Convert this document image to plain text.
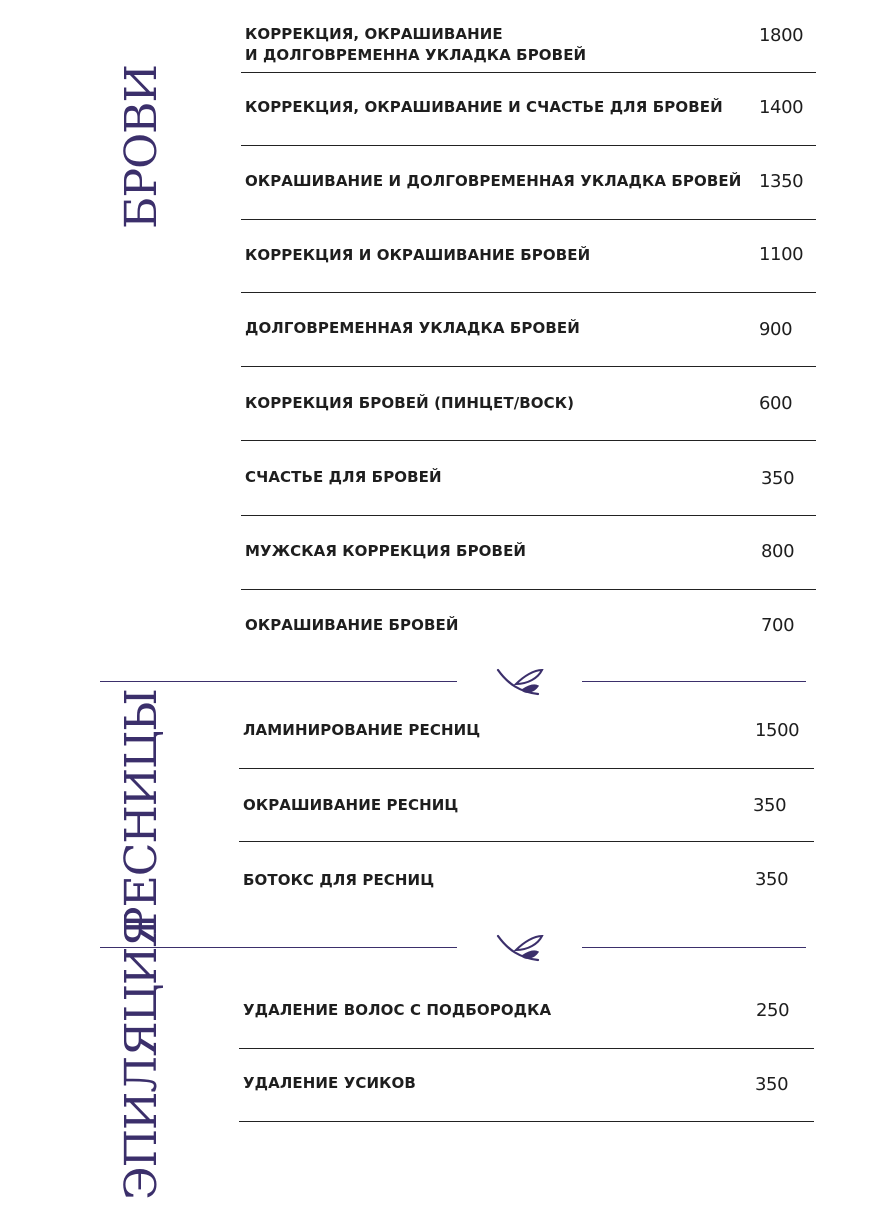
БРОВИ
КОРРЕКЦИЯ, ОКРАШИВАНИЕ
И ДОЛГОВРЕМЕННА УКЛАДКА БРОВЕЙ
1800
КОРРЕКЦИЯ, ОКРАШИВАНИЕ И СЧАСТЬЕ ДЛЯ БРОВЕЙ 1400
ОКРАШИВАНИЕ И ДОЛГОВРЕМЕННАЯ УКЛАДКА БРОВЕЙ 1350
КОРРЕКЦИЯ И ОКРАШИВАНИЕ БРОВЕЙ	1100
ДОЛГОВРЕМЕННАЯ УКЛАДКА БРОВЕЙ	900
КОРРЕКЦИЯ БРОВЕЙ (ПИНЦЕТ/ВОСК)	600
СЧАСТЬЕ ДЛЯ БРОВЕЙ	350
МУЖСКАЯ КОРРЕКЦИЯ БРОВЕЙ	800
ОКРАШИВАНИЕ БРОВЕЙ	700
РЕСНИЦЫ	ЛАМИНИРОВАНИЕ РЕСНИЦ	1500
ОКРАШИВАНИЕ РЕСНИЦ	350
БОТОКС ДЛЯ РЕСНИЦ	350
ЭПИЛЯЦИЯ	УДАЛЕНИЕ ВОЛОС С ПОДБОРОДКА	250
УДАЛЕНИЕ УСИКОВ	350
